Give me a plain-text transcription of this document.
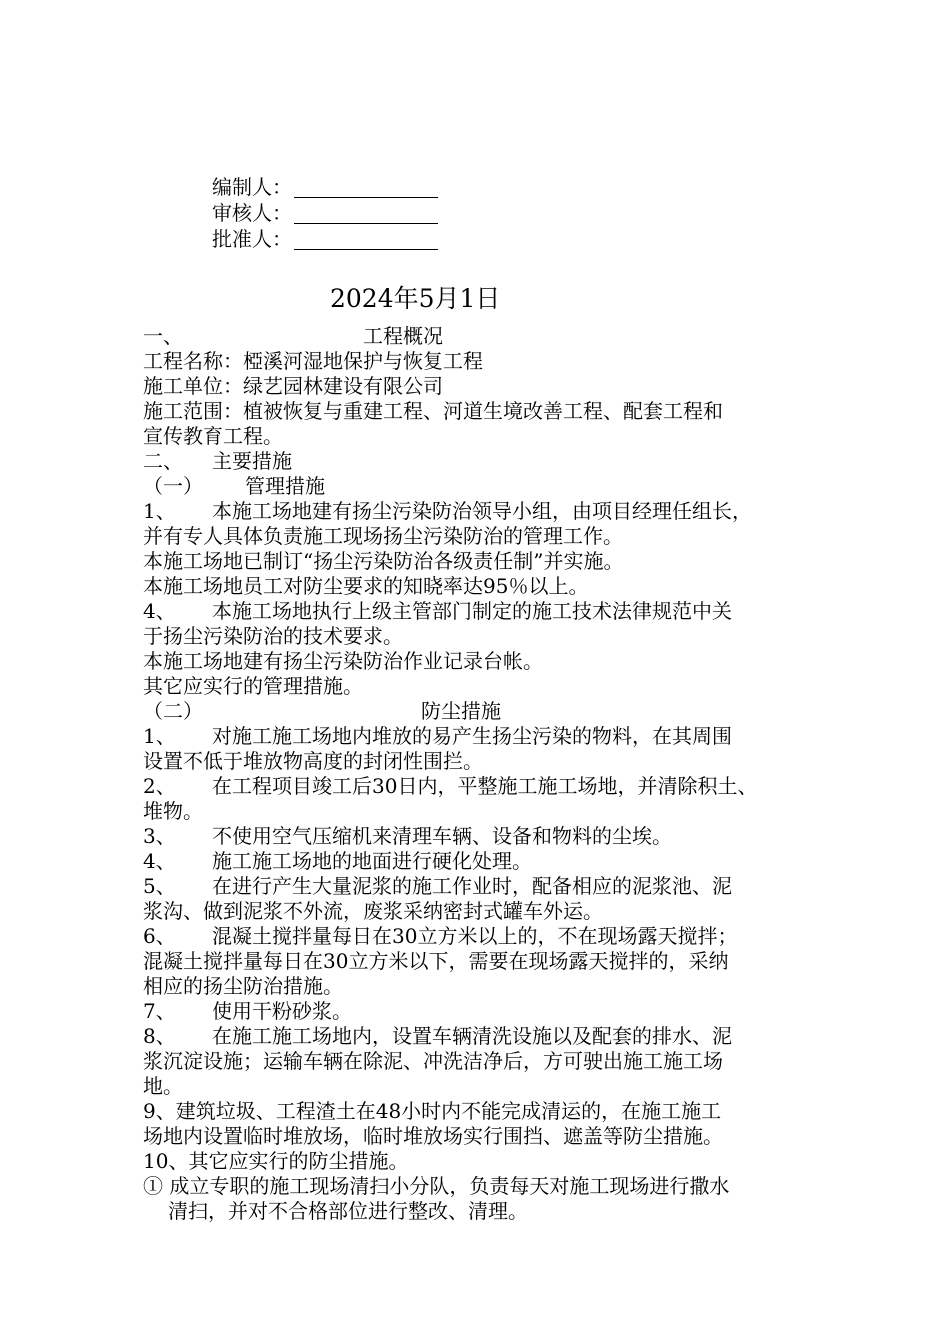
编制人：
审核人：
批准人：
2024年5月1日
一、	工程概况
工程名称：椏溪河湿地保护与恢复工程
施工单位：绿艺园林建设有限公司
施工范围：植被恢复与重建工程、河道生境改善工程、配套工程和
宣传教育工程。
二、 主要措施
（一） 管理措施
1、 本施工场地建有扬尘污染防治领导小组，由项目经理任组长，
并有专人具体负责施工现场扬尘污染防治的管理工作。
本施工场地已制订“扬尘污染防治各级责任制”并实施。
本施工场地员工对防尘要求的知晓率达95％以上。
4、 本施工场地执行上级主管部门制定的施工技术法律规范中关
于扬尘污染防治的技术要求。
本施工场地建有扬尘污染防治作业记录台帐。
其它应实行的管理措施。
（二）	防尘措施
1、 对施工施工场地内堆放的易产生扬尘污染的物料，在其周围
设置不低于堆放物高度的封闭性围拦。
2、 在工程项目竣工后30日内，平整施工施工场地，并清除积土、
堆物。
3、 不使用空气压缩机来清理车辆、设备和物料的尘埃。
4、 施工施工场地的地面进行硬化处理。
5、 在进行产生大量泥浆的施工作业时，配备相应的泥浆池、泥
浆沟、做到泥浆不外流，废浆采纳密封式罐车外运。
6、 混凝土搅拌量每日在30立方米以上的，不在现场露天搅拌；
混凝土搅拌量每日在30立方米以下，需要在现场露天搅拌的，采纳
相应的扬尘防治措施。
7、 使用干粉砂浆。
8、 在施工施工场地内，设置车辆清洗设施以及配套的排水、泥
浆沉淀设施；运输车辆在除泥、冲洗洁净后，方可驶出施工施工场
地。
9、建筑垃圾、工程渣土在48小时内不能完成清运的，在施工施工
场地内设置临时堆放场，临时堆放场实行围挡、遮盖等防尘措施。
10、其它应实行的防尘措施。
① 成立专职的施工现场清扫小分队，负责每天对施工现场进行撒水
清扫，并对不合格部位进行整改、清理。
